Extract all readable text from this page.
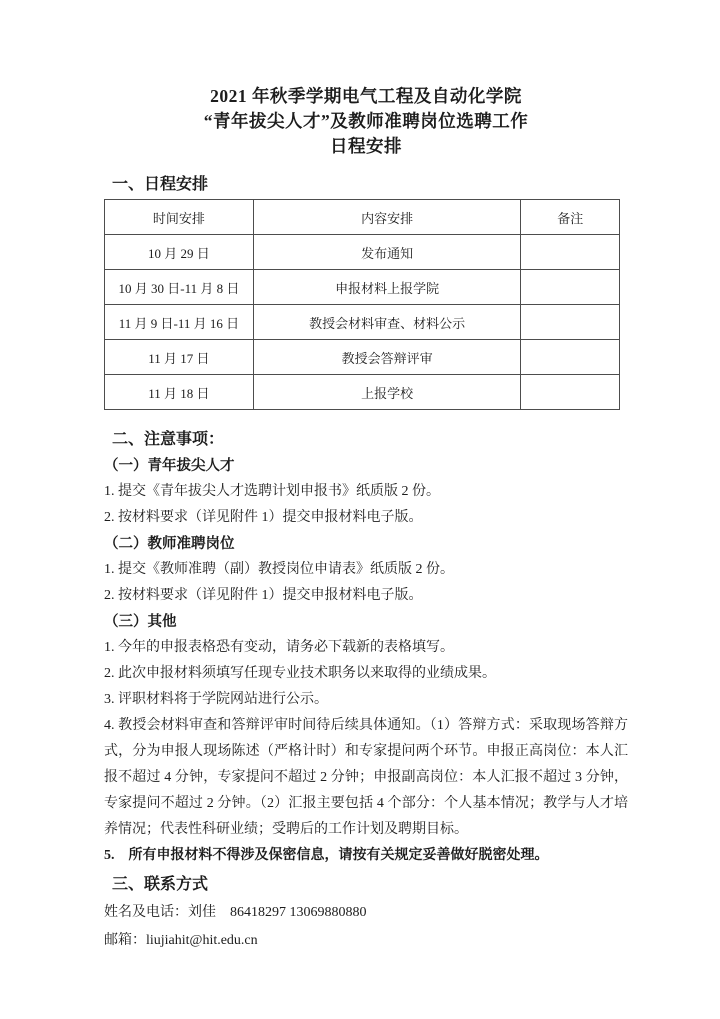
2021 年秋季学期电气工程及自动化学院
“青年拔尖人才”及教师准聘岗位选聘工作
日程安排
一、日程安排
时间安排	内容安排	备注
10 月 29 日	发布通知	
10 月 30 日-11 月 8 日	申报材料上报学院	
11 月 9 日-11 月 16 日	教授会材料审查、材料公示	
11 月 17 日	教授会答辩评审	
11 月 18 日	上报学校	
二、注意事项：
（一）青年拔尖人才

1. 提交《青年拔尖人才选聘计划申报书》纸质版 2 份。

2. 按材料要求（详见附件 1）提交申报材料电子版。

（二）教师准聘岗位

1. 提交《教师准聘（副）教授岗位申请表》纸质版 2 份。

2. 按材料要求（详见附件 1）提交申报材料电子版。

（三）其他

1. 今年的申报表格恐有变动，请务必下载新的表格填写。

2. 此次申报材料须填写任现专业技术职务以来取得的业绩成果。

3. 评职材料将于学院网站进行公示。

4. 教授会材料审查和答辩评审时间待后续具体通知。（1）答辩方式：采取现场答辩方式，分为申报人现场陈述（严格计时）和专家提问两个环节。申报正高岗位：本人汇报不超过 4 分钟，专家提问不超过 2 分钟；申报副高岗位：本人汇报不超过 3 分钟，专家提问不超过 2 分钟。（2）汇报主要包括 4 个部分：个人基本情况；教学与人才培养情况；代表性科研业绩；受聘后的工作计划及聘期目标。

5.　所有申报材料不得涉及保密信息，请按有关规定妥善做好脱密处理。

三、联系方式

姓名及电话：刘佳　86418297 13069880880

邮箱：liujiahit@hit.edu.cn
